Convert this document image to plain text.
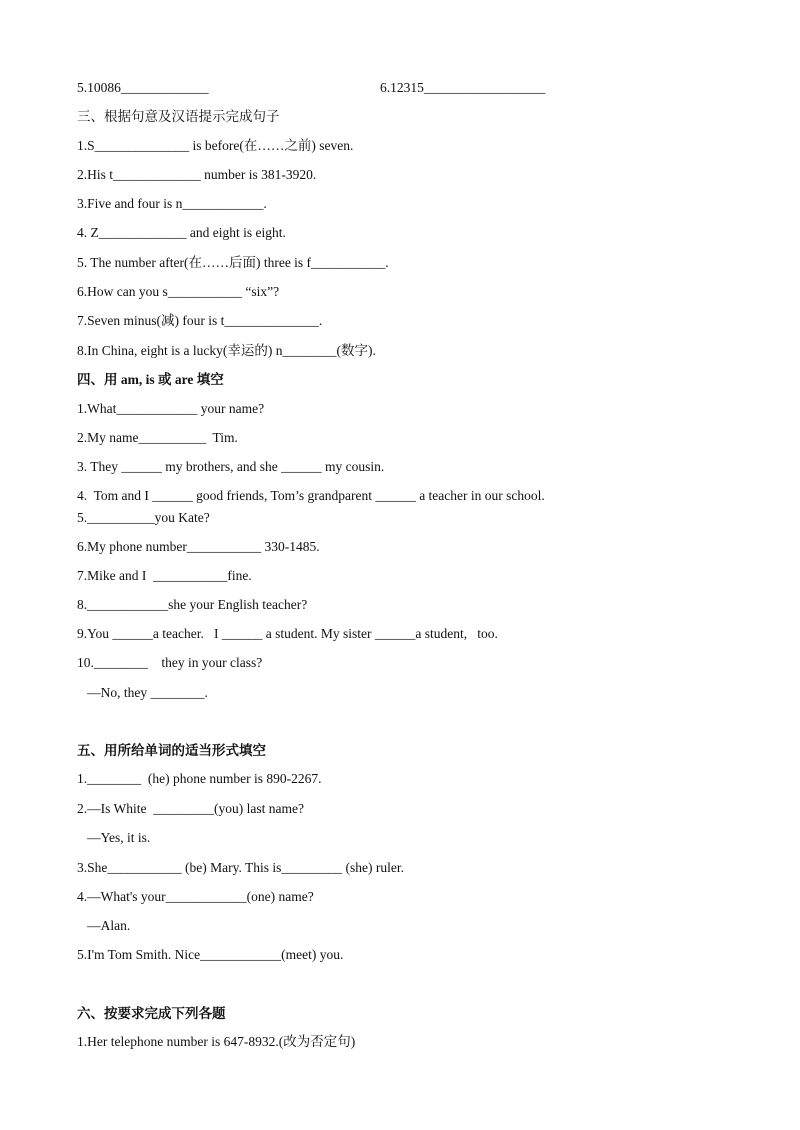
5.10086_____________	6.12315__________________
三、根据句意及汉语提示完成句子
1.S______________ is before(在……之前) seven.
2.His t_____________ number is 381-3920.
3.Five and four is n____________.
4. Z_____________ and eight is eight.
5. The number after(在……后面) three is f___________.
6.How can you s___________ “six”?
7.Seven minus(减) four is t______________.
8.In China, eight is a lucky(幸运的) n________(数字).
四、用 am, is 或 are 填空
1.What____________ your name?
2.My name__________  Tim.
3. They ______ my brothers, and she ______ my cousin.
4.  Tom and I ______ good friends, Tom’s grandparent ______ a teacher in our school.
5.__________you Kate?
6.My phone number___________ 330-1485.
7.Mike and I  ___________fine.
8.____________she your English teacher?
9.You ______a teacher.   I ______ a student. My sister ______a student,   too.
10.________    they in your class?
—No, they ________.
五、用所给单词的适当形式填空
1.________  (he) phone number is 890-2267.
2.—Is White  _________(you) last name?
—Yes, it is.
3.She___________ (be) Mary. This is_________ (she) ruler.
4.—What's your____________(one) name?
—Alan.
5.I'm Tom Smith. Nice____________(meet) you.
六、按要求完成下列各题
1.Her telephone number is 647-8932.(改为否定句)
